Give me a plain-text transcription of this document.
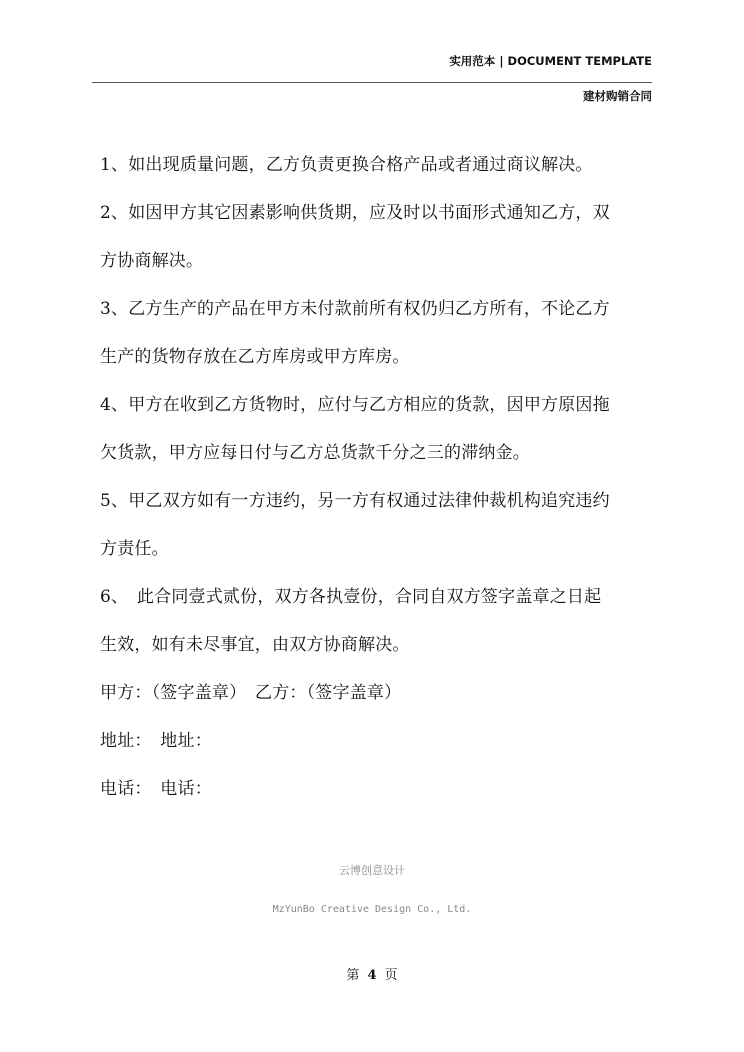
实用范本 | DOCUMENT TEMPLATE
建材购销合同

1、如出现质量问题，乙方负责更换合格产品或者通过商议解决。

2、如因甲方其它因素影响供货期，应及时以书面形式通知乙方，双

方协商解决。

3、乙方生产的产品在甲方未付款前所有权仍归乙方所有，不论乙方

生产的货物存放在乙方库房或甲方库房。

4、甲方在收到乙方货物时，应付与乙方相应的货款，因甲方原因拖

欠货款，甲方应每日付与乙方总货款千分之三的滞纳金。

5、甲乙双方如有一方违约，另一方有权通过法律仲裁机构追究违约

方责任。

6、　此合同壹式贰份，双方各执壹份，合同自双方签字盖章之日起

生效，如有未尽事宜，由双方协商解决。

甲方：（签字盖章）　乙方：（签字盖章）

地址：　地址：

电话：　电话：

云博创意设计
MzYunBo Creative Design Co., Ltd.
第 4 页
